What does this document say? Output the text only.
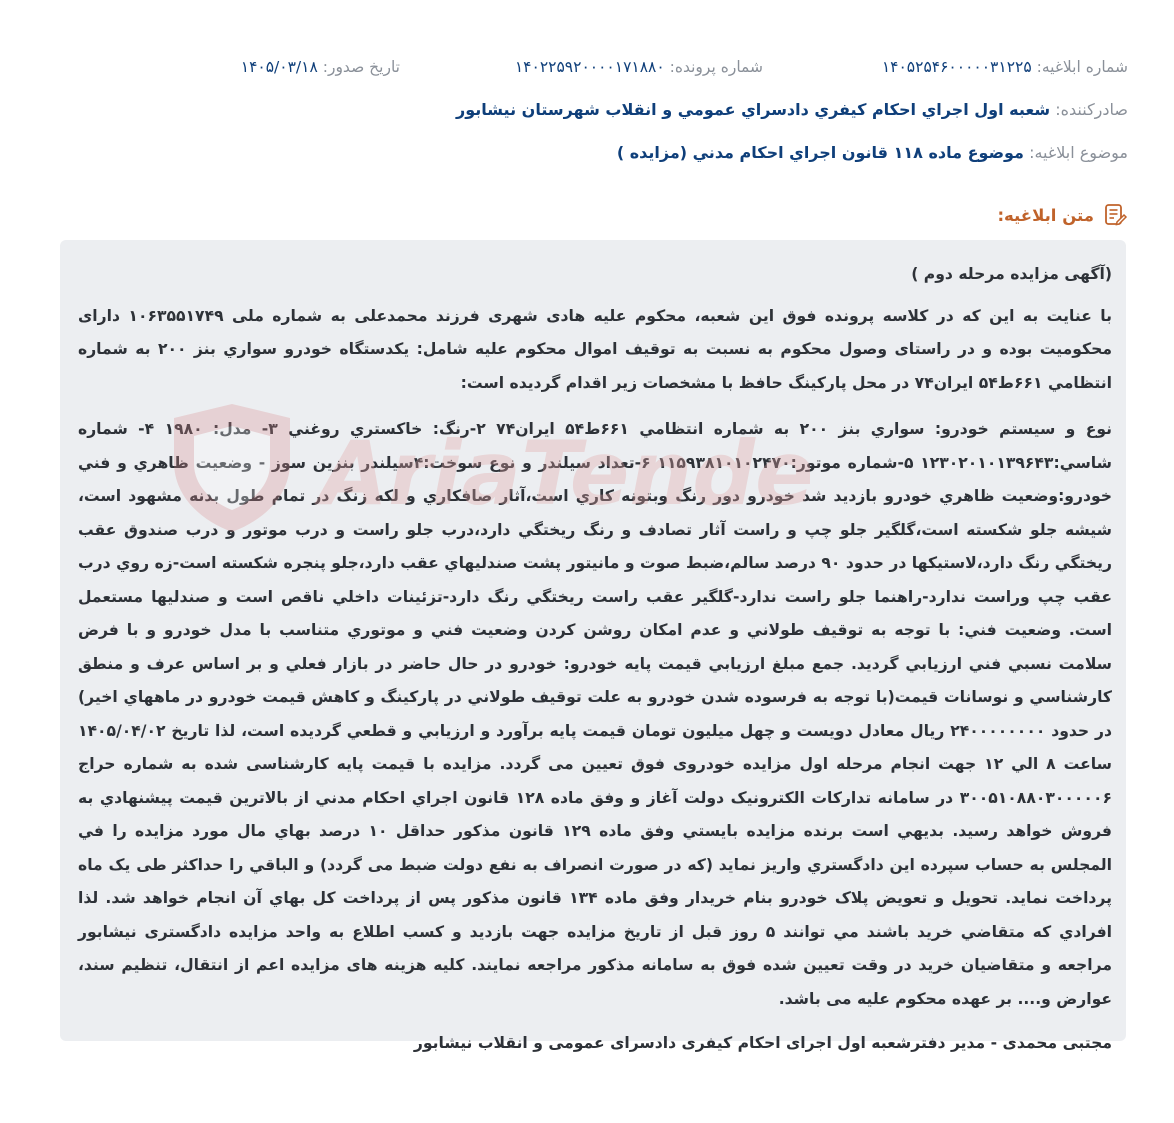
شماره ابلاغیه: ۱۴۰۵۲۵۴۶۰۰۰۰۰۳۱۲۲۵
شماره پرونده: ۱۴۰۲۲۵۹۲۰۰۰۰۱۷۱۸۸۰
تاریخ صدور: ۱۴۰۵/۰۳/۱۸
صادرکننده: شعبه اول اجراي احكام كيفري دادسراي عمومي و انقلاب شهرستان نيشابور
موضوع ابلاغیه: موضوع ماده ۱۱۸ قانون اجراي احكام مدني (مزايده )
متن ابلاغیه:

(آگهی مزایده مرحله دوم )

با عنایت به این که در کلاسه پرونده فوق این شعبه، محکوم علیه هادی شهری فرزند محمدعلی به شماره ملی ۱۰۶۳۵۵۱۷۴۹ دارای محکومیت بوده و در راستای وصول محکوم به نسبت به توقیف اموال محکوم علیه شامل: يكدستگاه خودرو سواري بنز ۲۰۰ به شماره انتظامي ۶۶۱ط۵۴ ايران۷۴ در محل پاركينگ حافظ با مشخصات زير اقدام گرديده است:

نوع و سيستم خودرو: سواري بنز ۲۰۰ به شماره انتظامي ۶۶۱ط۵۴ ايران۷۴ ۲-رنگ: خاكستري روغني ۳- مدل: ۱۹۸۰ ۴- شماره شاسي:۱۲۳۰۲۰۱۰۱۳۹۶۴۳ ۵-شماره موتور:۱۱۵۹۳۸۱۰۱۰۲۴۷۰ ۶-تعداد سيلندر و نوع سوخت:۴سيلندر بنزين سوز - وضعيت ظاهري و فني خودرو:وضعيت ظاهري خودرو بازديد شد خودرو دور رنگ وبتونه كاري است،آثار صافكاري و لكه زنگ در تمام طول بدنه مشهود است، شيشه جلو شكسته است،گلگير جلو چپ و راست آثار تصادف و رنگ ريختگي دارد،درب جلو راست و درب موتور و درب صندوق عقب ريختگي رنگ دارد،لاستيكها در حدود ۹۰ درصد سالم،ضبط صوت و مانيتور پشت صندليهاي عقب دارد،جلو پنجره شكسته است-زه روي درب عقب چپ وراست ندارد-راهنما جلو راست ندارد-گلگير عقب راست ريختگي رنگ دارد-تزئينات داخلي ناقص است و صندليها مستعمل است. وضعيت فني: با توجه به توقيف طولاني و عدم امكان روشن كردن وضعيت فني و موتوري متناسب با مدل خودرو و با فرض سلامت نسبي فني ارزيابي گرديد. جمع مبلغ ارزيابي قيمت پايه خودرو: خودرو در حال حاضر در بازار فعلي و بر اساس عرف و منطق كارشناسي و نوسانات قيمت(با توجه به فرسوده شدن خودرو به علت توقيف طولاني در پاركينگ و كاهش قيمت خودرو در ماههاي اخير) در حدود ۲۴۰۰۰۰۰۰۰۰ ريال معادل دويست و چهل ميليون تومان قيمت پايه برآورد و ارزيابي و قطعي گرديده است، لذا تاريخ ۱۴۰۵/۰۴/۰۲ ساعت ۸ الي ۱۲ جهت انجام مرحله اول مزایده خودروی فوق تعیین می گردد. مزایده با قیمت پایه کارشناسی شده به شماره حراج ۳۰۰۵۱۰۸۸۰۳۰۰۰۰۰۶ در سامانه تدارکات الکترونیک دولت آغاز و وفق ماده ۱۲۸ قانون اجراي احكام مدني از بالاترين قيمت پيشنهادي به فروش خواهد رسيد. بديهي است برنده مزايده بايستي وفق ماده ۱۲۹ قانون مذكور حداقل ۱۰ درصد بهاي مال مورد مزايده را في المجلس به حساب سپرده اين دادگستري واريز نمايد (كه در صورت انصراف به نفع دولت ضبط مى گردد) و الباقي را حداكثر طى يک ماه پرداخت نمايد. تحويل و تعويض پلاک خودرو بنام خريدار وفق ماده ۱۳۴ قانون مذكور پس از پرداخت كل بهاي آن انجام خواهد شد. لذا افرادي كه متقاضي خريد باشند مي توانند ۵ روز قبل از تاريخ مزايده جهت بازديد و كسب اطلاع به واحد مزايده دادگستری نيشابور مراجعه و متقاضيان خريد در وقت تعيين شده فوق به سامانه مذكور مراجعه نمايند. کلیه هزینه های مزایده اعم از انتقال، تنظیم سند، عوارض و.... بر عهده محکوم علیه می باشد.

مجتبی محمدی - مدیر دفترشعبه اول اجرای احکام کیفری دادسرای عمومی و انقلاب نیشابور

AriaTende
